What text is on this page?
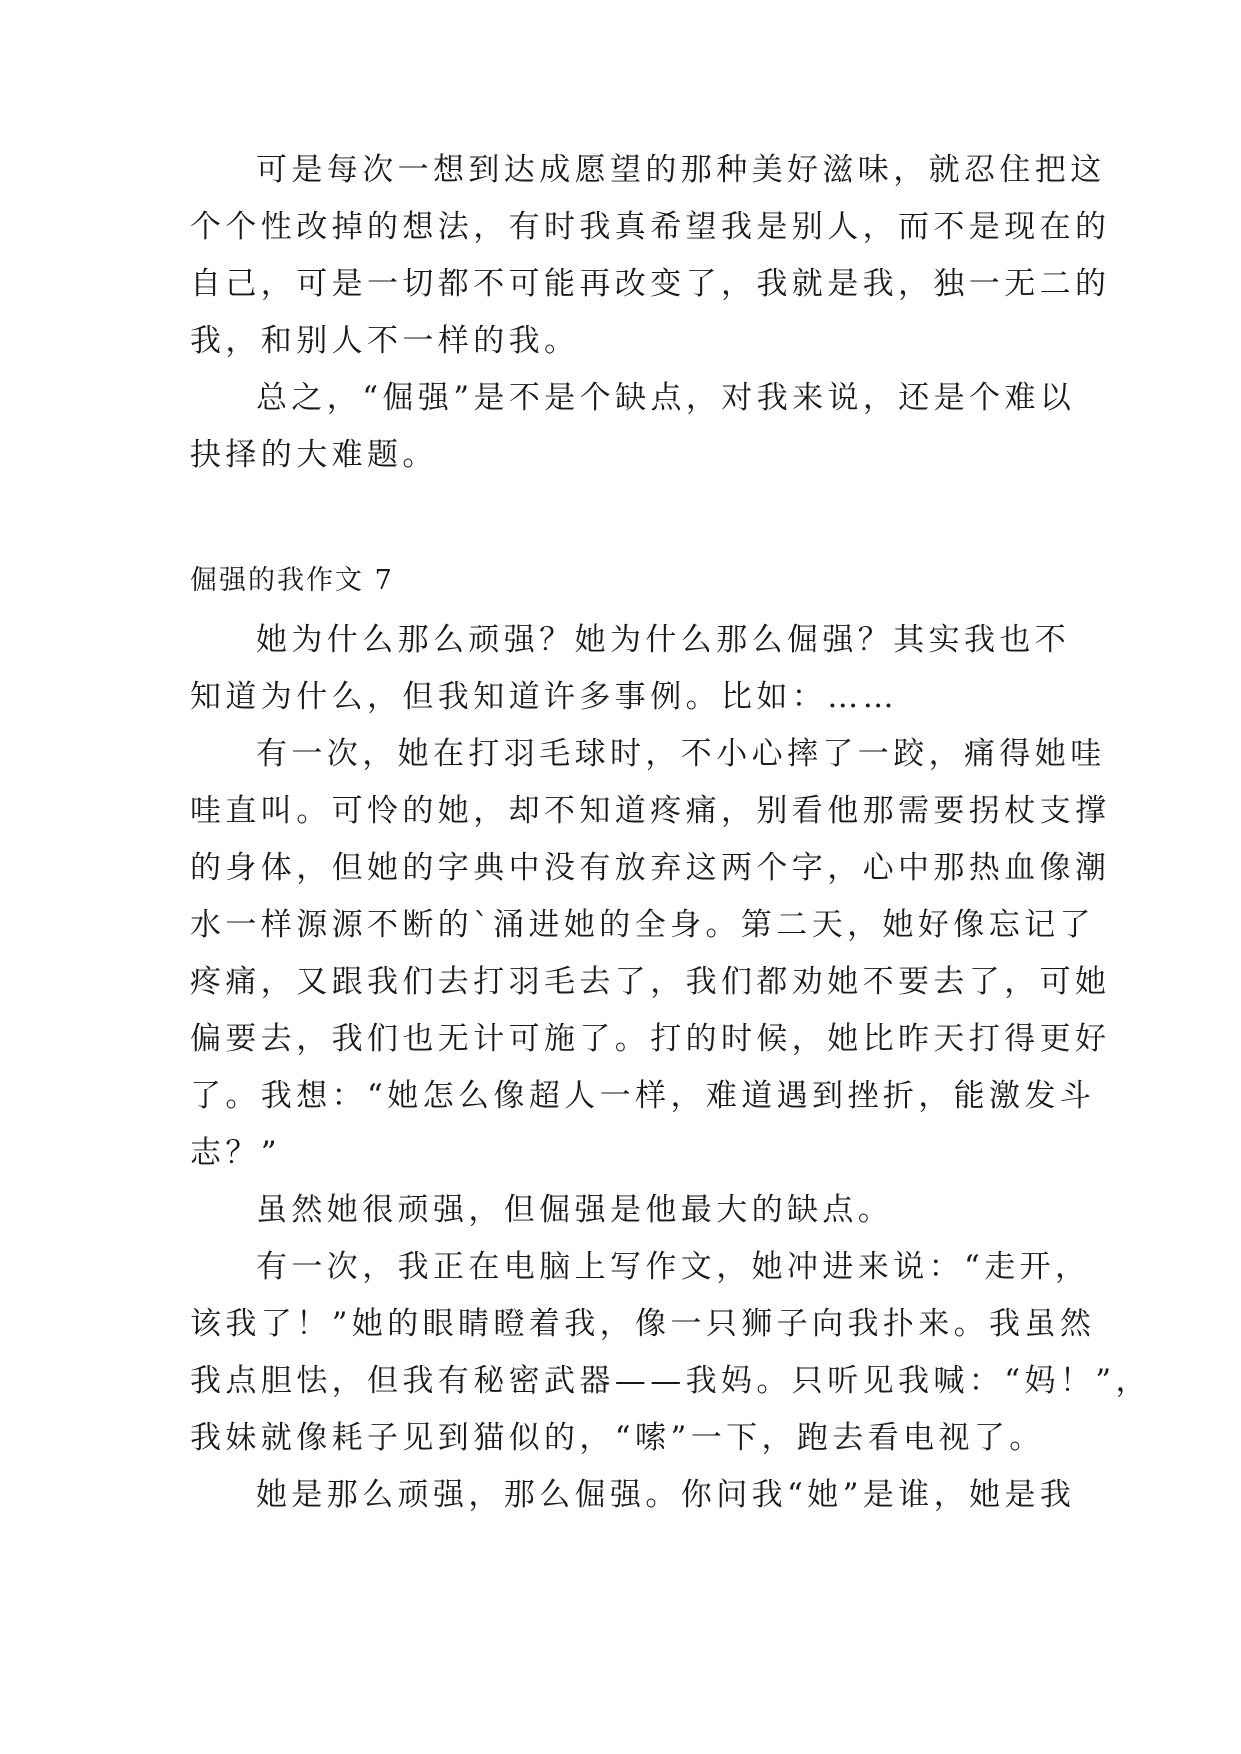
可是每次一想到达成愿望的那种美好滋味，就忍住把这
个个性改掉的想法，有时我真希望我是别人，而不是现在的
自己，可是一切都不可能再改变了，我就是我，独一无二的
我，和别人不一样的我。
总之，“倔强”是不是个缺点，对我来说，还是个难以
抉择的大难题。
倔强的我作文 7
她为什么那么顽强？她为什么那么倔强？其实我也不
知道为什么，但我知道许多事例。比如：……
有一次，她在打羽毛球时，不小心摔了一跤，痛得她哇
哇直叫。可怜的她，却不知道疼痛，别看他那需要拐杖支撑
的身体，但她的字典中没有放弃这两个字，心中那热血像潮
水一样源源不断的`涌进她的全身。第二天，她好像忘记了
疼痛，又跟我们去打羽毛去了，我们都劝她不要去了，可她
偏要去，我们也无计可施了。打的时候，她比昨天打得更好
了。我想：“她怎么像超人一样，难道遇到挫折，能激发斗
志？”
虽然她很顽强，但倔强是他最大的缺点。
有一次，我正在电脑上写作文，她冲进来说：“走开，
该我了！”她的眼睛瞪着我，像一只狮子向我扑来。我虽然
我点胆怯，但我有秘密武器——我妈。只听见我喊：“妈！”，
我妹就像耗子见到猫似的，“嗦”一下，跑去看电视了。
她是那么顽强，那么倔强。你问我“她”是谁，她是我
